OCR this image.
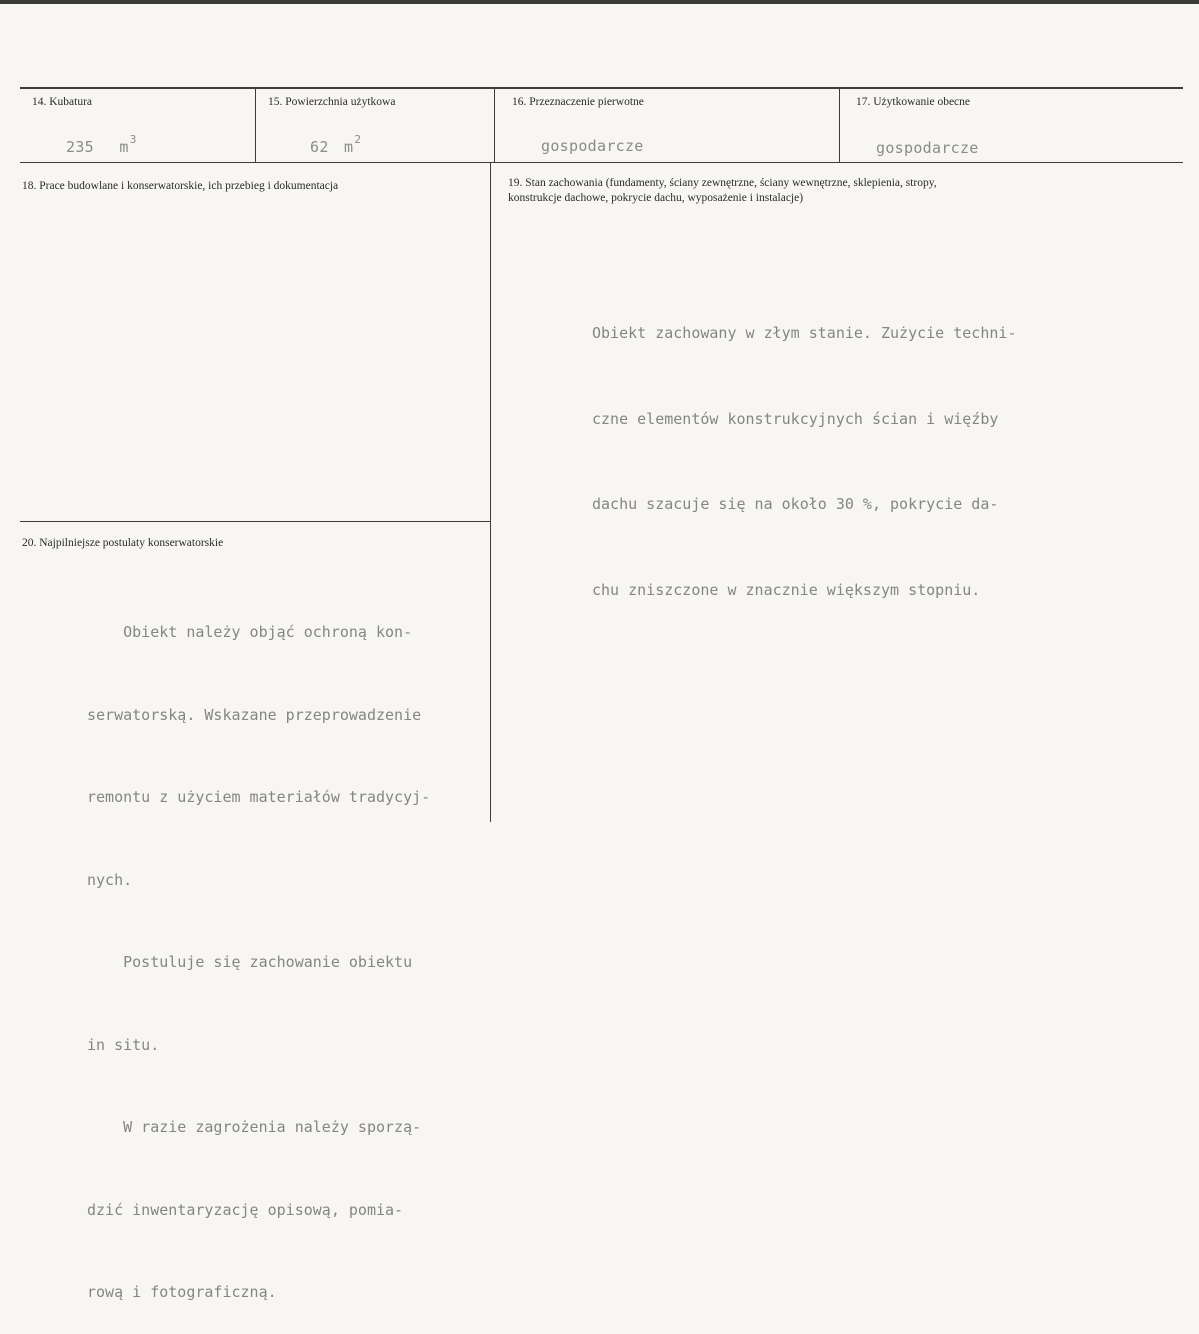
14. Kubatura
235 $m^3$
15. Powierzchnia użytkowa
62 $m^2$
16. Przeznaczenie pierwotne
gospodarcze
17. Użytkowanie obecne
gospodarcze
18. Prace budowlane i konserwatorskie, ich przebieg i dokumentacja	19. Stan zachowania (fundamenty, ściany zewnętrzne, ściany wewnętrzne, sklepienia, stropy,
konstrukcje dachowe, pokrycie dachu, wyposażenie i instalacje)

Obiekt zachowany w złym stanie. Zużycie techni-

czne elementów konstrukcyjnych ścian i więźby

dachu szacuje się na około 30 %, pokrycie da-

chu zniszczone w znacznie większym stopniu.

20. Najpilniejsze postulaty konserwatorskie

Obiekt należy objąć ochroną kon-

serwatorską. Wskazane przeprowadzenie

remontu z użyciem materiałów tradycyj-

nych.

Postuluje się zachowanie obiektu

in situ.

W razie zagrożenia należy sporzą-

dzić inwentaryzację opisową, pomia-

rową i fotograficzną.
